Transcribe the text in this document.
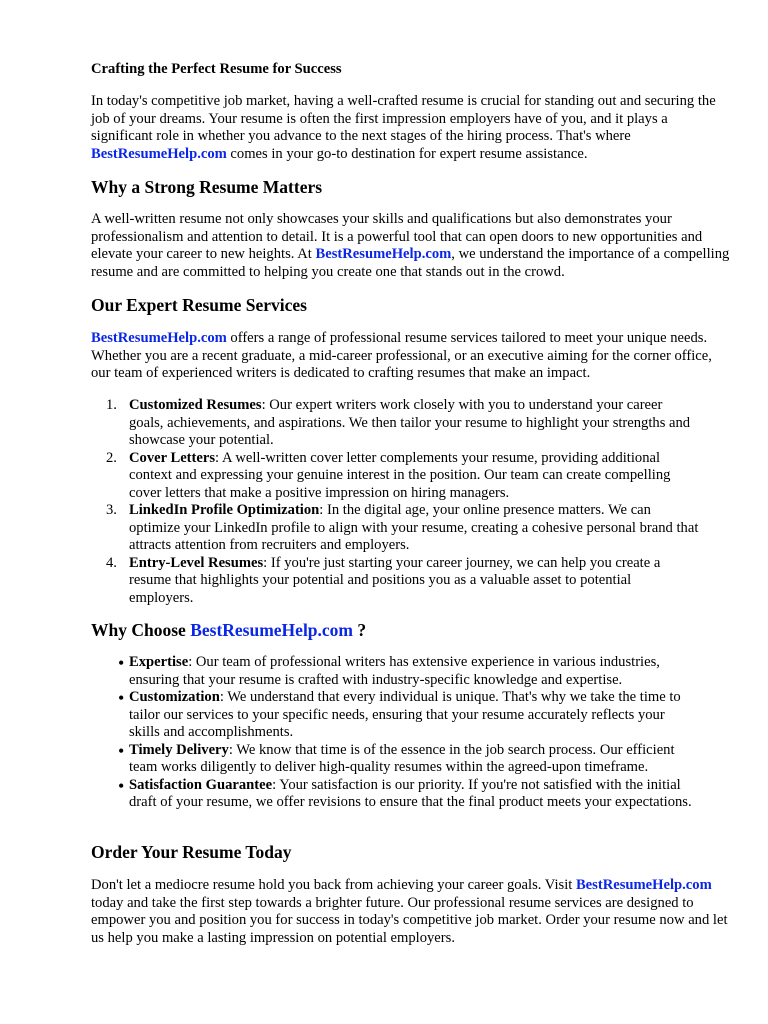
Crafting the Perfect Resume for Success

In today's competitive job market, having a well-crafted resume is crucial for standing out and securing the job of your dreams. Your resume is often the first impression employers have of you, and it plays a significant role in whether you advance to the next stages of the hiring process. That's where BestResumeHelp.com comes in your go-to destination for expert resume assistance.

Why a Strong Resume Matters

A well-written resume not only showcases your skills and qualifications but also demonstrates your professionalism and attention to detail. It is a powerful tool that can open doors to new opportunities and elevate your career to new heights. At BestResumeHelp.com, we understand the importance of a compelling resume and are committed to helping you create one that stands out in the crowd.

Our Expert Resume Services

BestResumeHelp.com offers a range of professional resume services tailored to meet your unique needs. Whether you are a recent graduate, a mid-career professional, or an executive aiming for the corner office, our team of experienced writers is dedicated to crafting resumes that make an impact.

1. Customized Resumes: Our expert writers work closely with you to understand your career goals, achievements, and aspirations. We then tailor your resume to highlight your strengths and showcase your potential.
2. Cover Letters: A well-written cover letter complements your resume, providing additional context and expressing your genuine interest in the position. Our team can create compelling cover letters that make a positive impression on hiring managers.
3. LinkedIn Profile Optimization: In the digital age, your online presence matters. We can optimize your LinkedIn profile to align with your resume, creating a cohesive personal brand that attracts attention from recruiters and employers.
4. Entry-Level Resumes: If you're just starting your career journey, we can help you create a resume that highlights your potential and positions you as a valuable asset to potential employers.
Why Choose BestResumeHelp.com ?
• Expertise: Our team of professional writers has extensive experience in various industries, ensuring that your resume is crafted with industry-specific knowledge and expertise.
• Customization: We understand that every individual is unique. That's why we take the time to tailor our services to your specific needs, ensuring that your resume accurately reflects your skills and accomplishments.
• Timely Delivery: We know that time is of the essence in the job search process. Our efficient team works diligently to deliver high-quality resumes within the agreed-upon timeframe.
• Satisfaction Guarantee: Your satisfaction is our priority. If you're not satisfied with the initial draft of your resume, we offer revisions to ensure that the final product meets your expectations.
Order Your Resume Today

Don't let a mediocre resume hold you back from achieving your career goals. Visit BestResumeHelp.com today and take the first step towards a brighter future. Our professional resume services are designed to empower you and position you for success in today's competitive job market. Order your resume now and let us help you make a lasting impression on potential employers.
